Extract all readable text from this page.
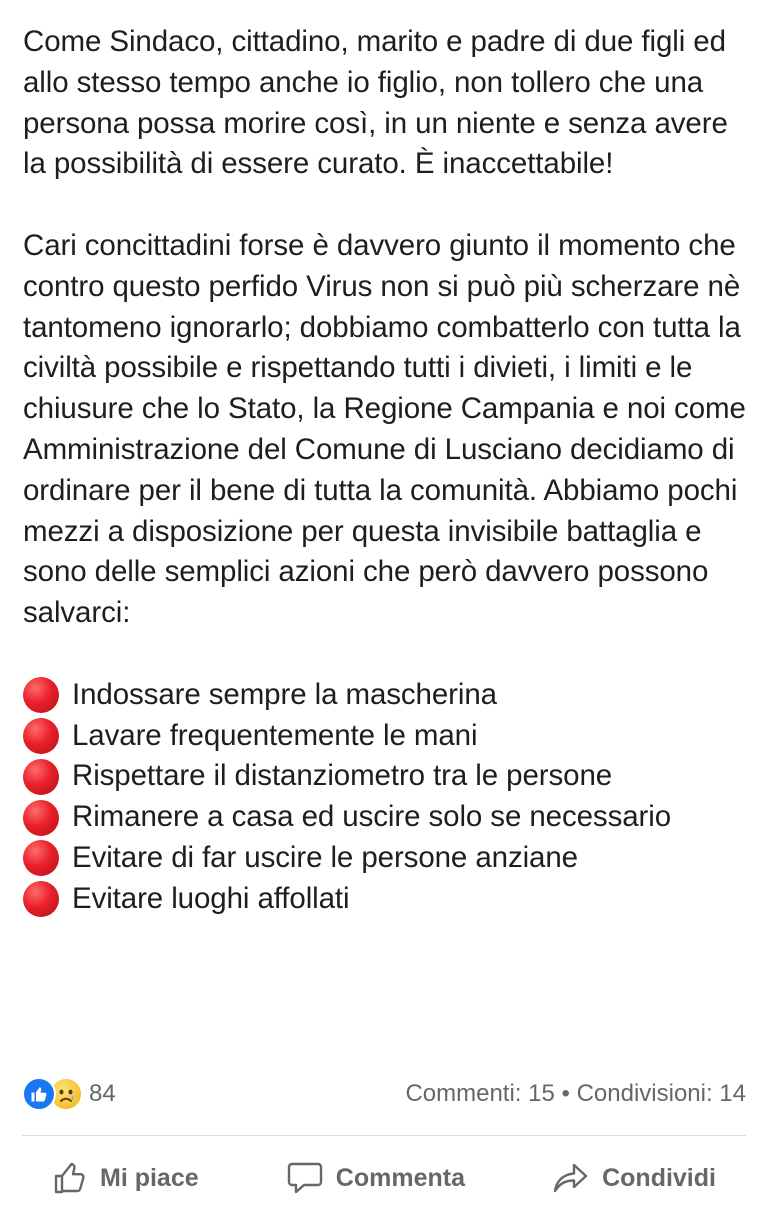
Come Sindaco, cittadino, marito e padre di due figli ed allo stesso tempo anche io figlio, non tollero che una persona possa morire così, in un niente e senza avere la possibilità di essere curato. È inaccettabile!

Cari concittadini forse è davvero giunto il momento che contro questo perfido Virus non si può più scherzare nè tantomeno ignorarlo; dobbiamo combatterlo con tutta la civiltà possibile e rispettando tutti i divieti, i limiti e le chiusure che lo Stato, la Regione Campania e noi come Amministrazione del Comune di Lusciano decidiamo di ordinare per il bene di tutta la comunità. Abbiamo pochi mezzi a disposizione per questa invisibile battaglia e sono delle semplici azioni che però davvero possono salvarci:

Indossare sempre la mascherina
Lavare frequentemente le mani
Rispettare il distanziometro tra le persone
Rimanere a casa ed uscire solo se necessario
Evitare di far uscire le persone anziane
Evitare luoghi affollati
84	Commenti: 15 • Condivisioni: 14
Mi piace	Commenta	Condividi
